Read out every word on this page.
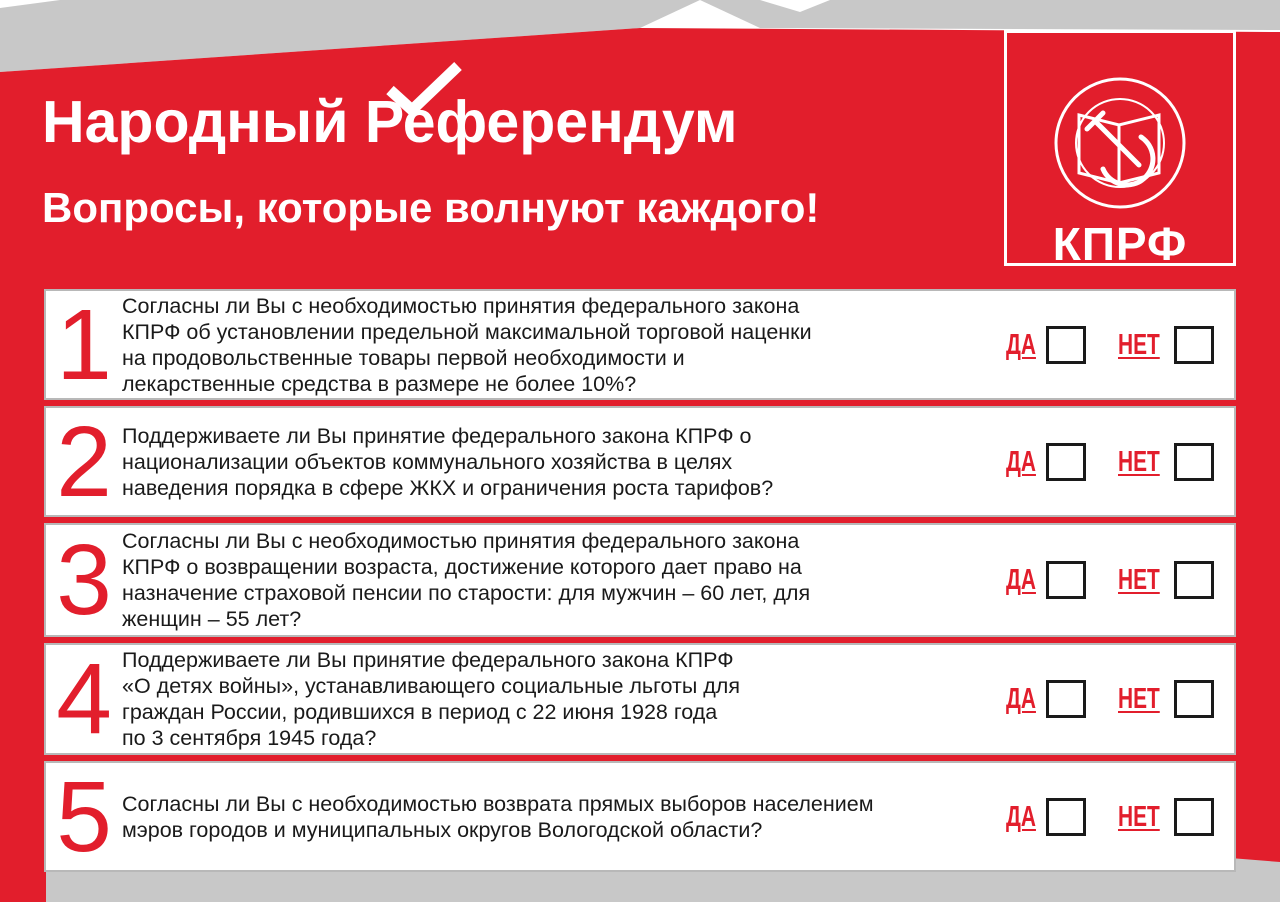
Народный Референдум
Вопросы, которые волнуют каждого!
КПРФ
1 Согласны ли Вы с необходимостью принятия федерального закона
КПРФ об установлении предельной максимальной торговой наценки
на продовольственные товары первой необходимости и
лекарственные средства в размере не более 10%?
ДА	НЕТ
2 Поддерживаете ли Вы принятие федерального закона КПРФ о
национализации объектов коммунального хозяйства в целях
наведения порядка в сфере ЖКХ и ограничения роста тарифов?
ДА	НЕТ
3 Согласны ли Вы с необходимостью принятия федерального закона
КПРФ о возвращении возраста, достижение которого дает право на
назначение страховой пенсии по старости: для мужчин – 60 лет, для
женщин – 55 лет?
ДА	НЕТ
4 Поддерживаете ли Вы принятие федерального закона КПРФ
«О детях войны», устанавливающего социальные льготы для
граждан России, родившихся в период с 22 июня 1928 года
по 3 сентября 1945 года?
ДА	НЕТ
5 Согласны ли Вы с необходимостью возврата прямых выборов населением
мэров городов и муниципальных округов Вологодской области?	ДА	НЕТ
